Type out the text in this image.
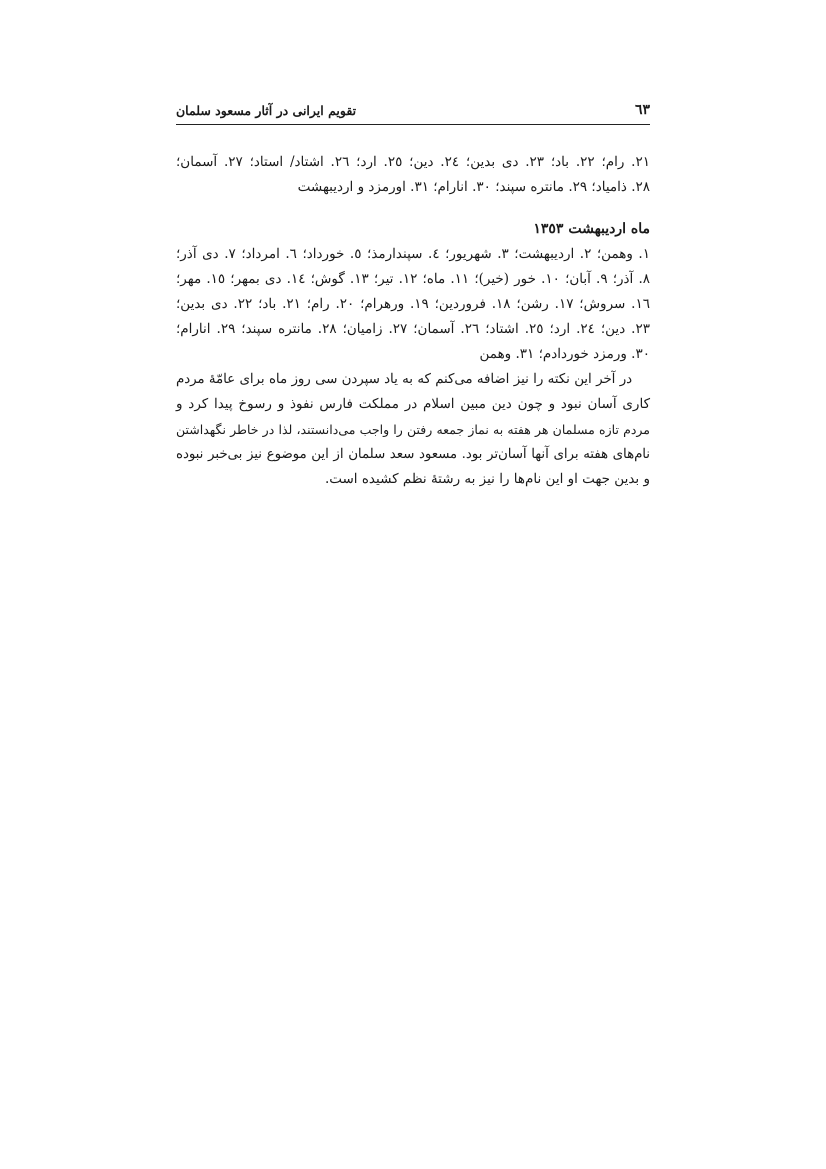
٦٣
تقویم ایرانی در آثار مسعود سلمان

٢١. رام؛ ٢٢. باد؛ ٢٣. دی بدین؛ ٢٤. دین؛ ٢٥. ارد؛ ٢٦. اشتاد/ استاد؛ ٢٧. آسمان؛
٢٨. ذامیاد؛ ٢٩. مانتره سپند؛ ٣٠. انارام؛ ٣١. اورمزد و اردیبهشت

ماه اردیبهشت ١٣٥٣

١. وهمن؛ ٢. اردیبهشت؛ ٣. شهریور؛ ٤. سپندارمذ؛ ٥. خورداد؛ ٦. امرداد؛ ٧. دی آذر؛
٨. آذر؛ ٩. آبان؛ ١٠. خور (خیر)؛ ١١. ماه؛ ١٢. تیر؛ ١٣. گوش؛ ١٤. دی بمهر؛ ١٥. مهر؛
١٦. سروش؛ ١٧. رشن؛ ١٨. فروردین؛ ١٩. ورهرام؛ ٢٠. رام؛ ٢١. باد؛ ٢٢. دی بدین؛
٢٣. دین؛ ٢٤. ارد؛ ٢٥. اشتاد؛ ٢٦. آسمان؛ ٢٧. زامیان؛ ٢٨. مانتره سپند؛ ٢٩. انارام؛
٣٠. ورمزد خوردادم؛ ٣١. وهمن

در آخر این نکته را نیز اضافه می‌کنم که به یاد سپردن سی روز ماه برای عامّهٔ مردم
کاری آسان نبود و چون دین مبین اسلام در مملکت فارس نفوذ و رسوخ پیدا کرد و
مردم تازه مسلمان هر هفته به نماز جمعه رفتن را واجب می‌دانستند، لذا در خاطر نگهداشتن
نام‌های هفته برای آنها آسان‌تر بود. مسعود سعد سلمان از این موضوع نیز بی‌خبر نبوده
و بدین جهت او این نام‌ها را نیز به رشتهٔ نظم کشیده است.
